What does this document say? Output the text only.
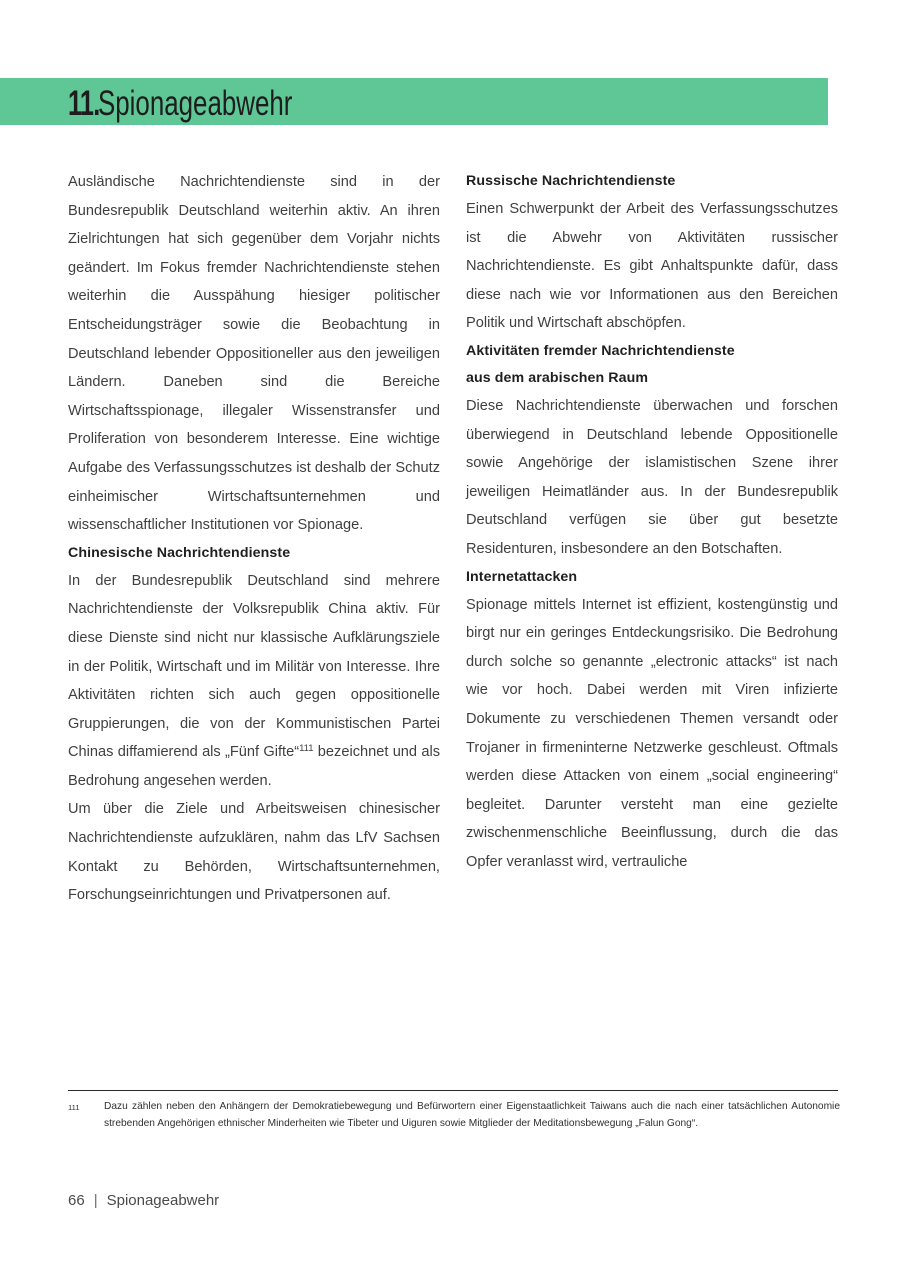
11.
Spionageabwehr

Ausländische Nachrichtendienste sind in der Bundesrepublik Deutschland weiterhin aktiv. An ihren Zielrichtungen hat sich gegenüber dem Vorjahr nichts geändert. Im Fokus fremder Nachrichtendienste stehen weiterhin die Ausspähung hiesiger politischer Entscheidungsträger sowie die Beobachtung in Deutschland lebender Oppositioneller aus den jeweiligen Ländern. Daneben sind die Bereiche Wirtschaftsspionage, illegaler Wissenstransfer und Proliferation von besonderem Interesse. Eine wichtige Aufgabe des Verfassungsschutzes ist deshalb der Schutz einheimischer Wirtschaftsunternehmen und wissenschaftlicher Institutionen vor Spionage.

Chinesische Nachrichtendienste

In der Bundesrepublik Deutschland sind mehrere Nachrichtendienste der Volksrepublik China aktiv. Für diese Dienste sind nicht nur klassische Aufklärungsziele in der Politik, Wirtschaft und im Militär von Interesse. Ihre Aktivitäten richten sich auch gegen oppositionelle Gruppierungen, die von der Kommunistischen Partei Chinas diffamierend als „Fünf Gifte“$^{111}$ bezeichnet und als Bedrohung angesehen werden.

Um über die Ziele und Arbeitsweisen chinesischer Nachrichtendienste aufzuklären, nahm das LfV Sachsen Kontakt zu Behörden, Wirtschaftsunternehmen, Forschungseinrichtungen und Privatpersonen auf.

Russische Nachrichtendienste

Einen Schwerpunkt der Arbeit des Verfassungsschutzes ist die Abwehr von Aktivitäten russischer Nachrichtendienste. Es gibt Anhaltspunkte dafür, dass diese nach wie vor Informationen aus den Bereichen Politik und Wirtschaft abschöpfen.

Aktivitäten fremder Nachrichtendienste
aus dem arabischen Raum

Diese Nachrichtendienste überwachen und forschen überwiegend in Deutschland lebende Oppositionelle sowie Angehörige der islamistischen Szene ihrer jeweiligen Heimatländer aus. In der Bundesrepublik Deutschland verfügen sie über gut besetzte Residenturen, insbesondere an den Botschaften.

Internetattacken

Spionage mittels Internet ist effizient, kostengünstig und birgt nur ein geringes Entdeckungsrisiko. Die Bedrohung durch solche so genannte „electronic attacks“ ist nach wie vor hoch. Dabei werden mit Viren infizierte Dokumente zu verschiedenen Themen versandt oder Trojaner in firmeninterne Netzwerke geschleust. Oftmals werden diese Attacken von einem „social engineering“ begleitet. Darunter versteht man eine gezielte zwischenmenschliche Beeinflussung, durch die das Opfer veranlasst wird, vertrauliche

111	Dazu zählen neben den Anhängern der Demokratiebewegung und Befürwortern einer Eigenstaatlichkeit Taiwans auch die nach einer tatsächlichen Autonomie strebenden Angehörigen ethnischer Minderheiten wie Tibeter und Uiguren sowie Mitglieder der Meditationsbewegung „Falun Gong“.
66 | Spionageabwehr
